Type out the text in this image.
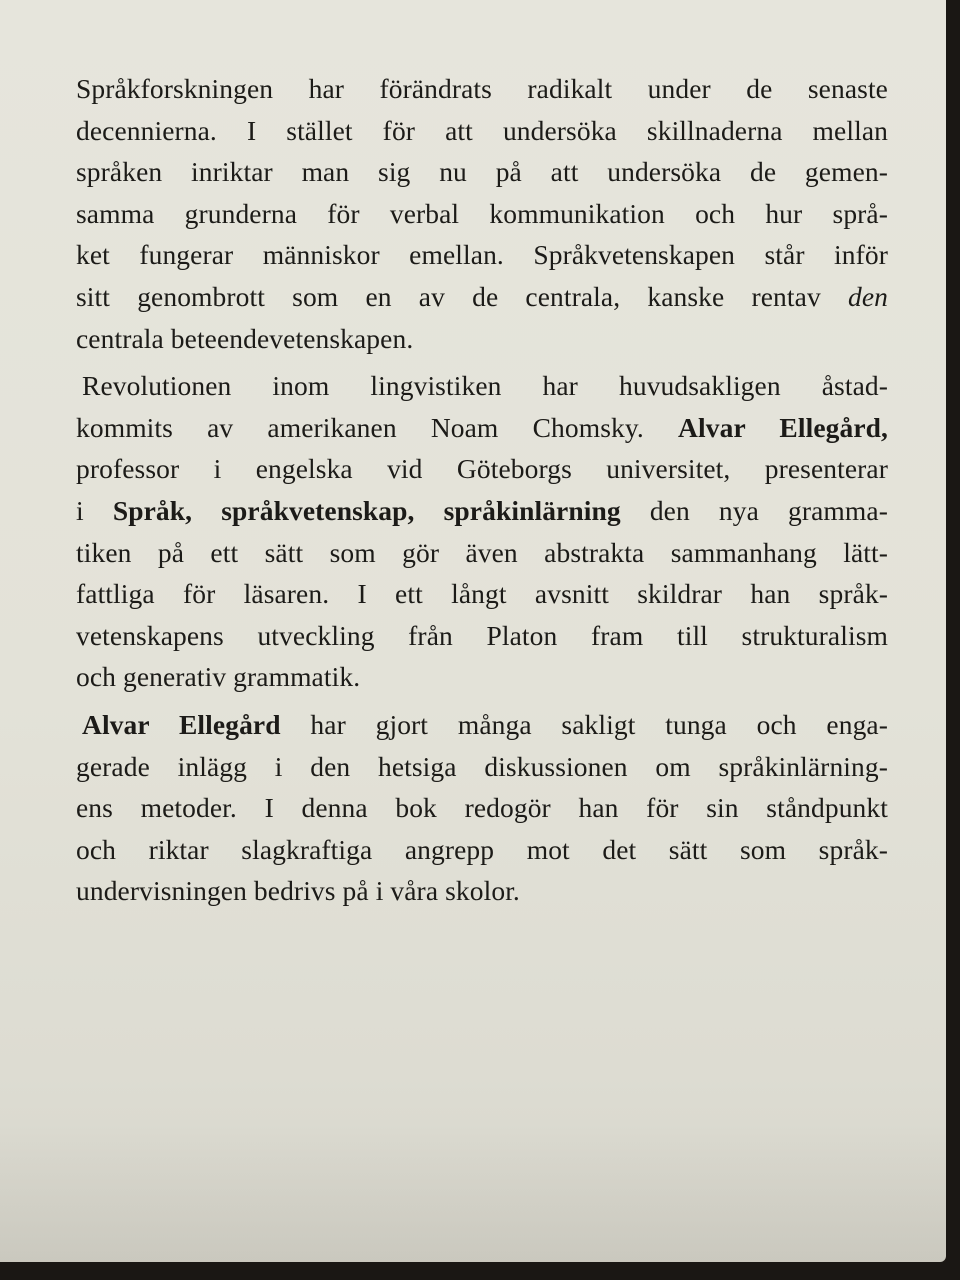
Språkforskningen har förändrats radikalt under de senaste
decennierna. I stället för att undersöka skillnaderna mellan
språken inriktar man sig nu på att undersöka de gemen-
samma grunderna för verbal kommunikation och hur språ-
ket fungerar människor emellan. Språkvetenskapen står inför
sitt genombrott som en av de centrala, kanske rentav den
centrala beteendevetenskapen.

Revolutionen inom lingvistiken har huvudsakligen åstad-
kommits av amerikanen Noam Chomsky. Alvar Ellegård,
professor i engelska vid Göteborgs universitet, presenterar
i Språk, språkvetenskap, språkinlärning den nya gramma-
tiken på ett sätt som gör även abstrakta sammanhang lätt-
fattliga för läsaren. I ett långt avsnitt skildrar han språk-
vetenskapens utveckling från Platon fram till strukturalism
och generativ grammatik.

Alvar Ellegård har gjort många sakligt tunga och enga-
gerade inlägg i den hetsiga diskussionen om språkinlärning-
ens metoder. I denna bok redogör han för sin ståndpunkt
och riktar slagkraftiga angrepp mot det sätt som språk-
undervisningen bedrivs på i våra skolor.
